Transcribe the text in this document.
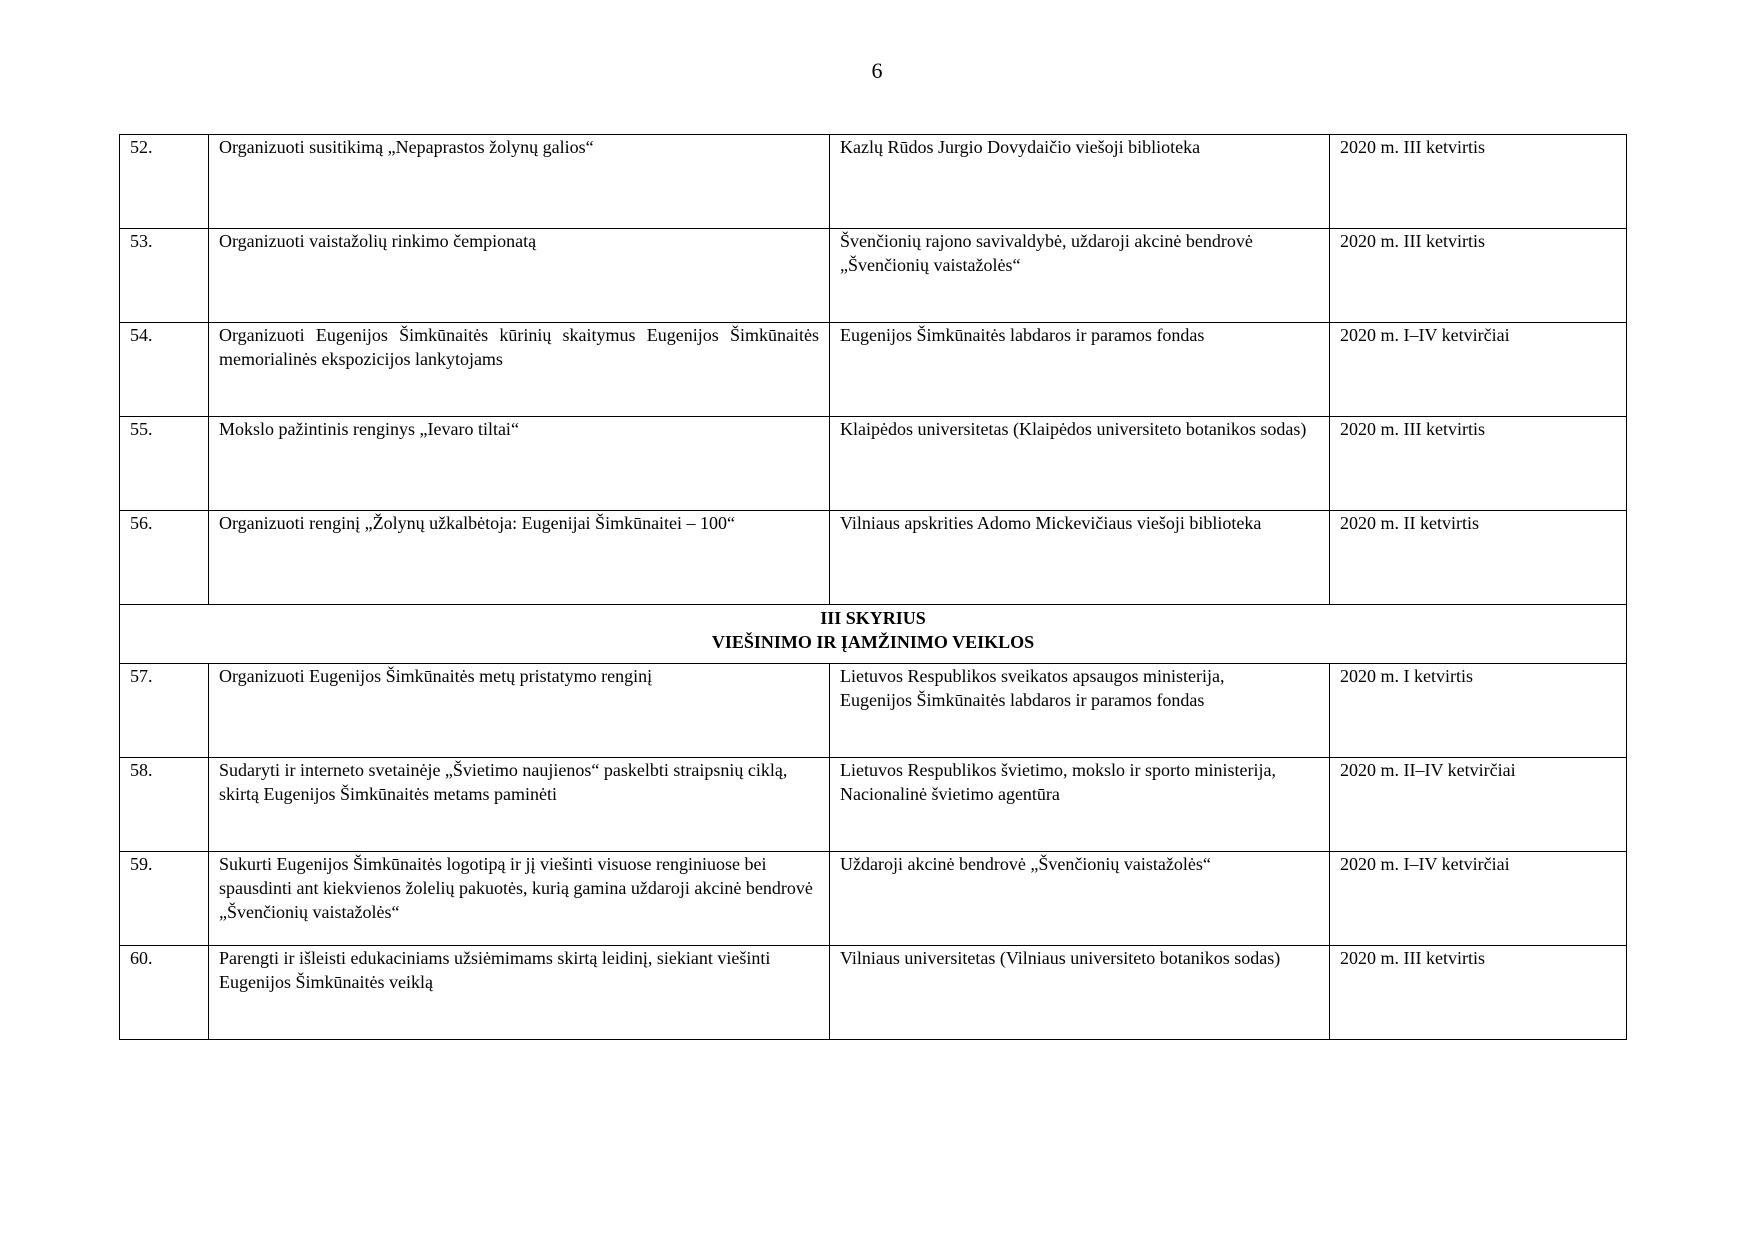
6
52.	Organizuoti susitikimą „Nepaprastos žolynų galios“	Kazlų Rūdos Jurgio Dovydaičio viešoji biblioteka	2020 m. III ketvirtis
53.	Organizuoti vaistažolių rinkimo čempionatą	Švenčionių rajono savivaldybė, uždaroji akcinė bendrovė „Švenčionių vaistažolės“	2020 m. III ketvirtis
54.	Organizuoti Eugenijos Šimkūnaitės kūrinių skaitymus Eugenijos Šimkūnaitės memorialinės ekspozicijos lankytojams	Eugenijos Šimkūnaitės labdaros ir paramos fondas	2020 m. I–IV ketvirčiai
55.	Mokslo pažintinis renginys „Ievaro tiltai“	Klaipėdos universitetas (Klaipėdos universiteto botanikos sodas)	2020 m. III ketvirtis
56.	Organizuoti renginį „Žolynų užkalbėtoja: Eugenijai Šimkūnaitei – 100“	Vilniaus apskrities Adomo Mickevičiaus viešoji biblioteka	2020 m. II ketvirtis

III SKYRIUS
VIEŠINIMO IR ĮAMŽINIMO VEIKLOS			

57.	Organizuoti Eugenijos Šimkūnaitės metų pristatymo renginį	Lietuvos Respublikos sveikatos apsaugos ministerija,
Eugenijos Šimkūnaitės labdaros ir paramos fondas	2020 m. I ketvirtis
58.	Sudaryti ir interneto svetainėje „Švietimo naujienos“ paskelbti straipsnių ciklą, skirtą Eugenijos Šimkūnaitės metams paminėti	Lietuvos Respublikos švietimo, mokslo ir sporto ministerija,
Nacionalinė švietimo agentūra	2020 m. II–IV ketvirčiai
59.	Sukurti Eugenijos Šimkūnaitės logotipą ir jį viešinti visuose renginiuose bei spausdinti ant kiekvienos žolelių pakuotės, kurią gamina uždaroji akcinė bendrovė „Švenčionių vaistažolės“	Uždaroji akcinė bendrovė „Švenčionių vaistažolės“	2020 m. I–IV ketvirčiai
60.	Parengti ir išleisti edukaciniams užsiėmimams skirtą leidinį, siekiant viešinti Eugenijos Šimkūnaitės veiklą	Vilniaus universitetas (Vilniaus universiteto botanikos sodas)	2020 m. III ketvirtis
